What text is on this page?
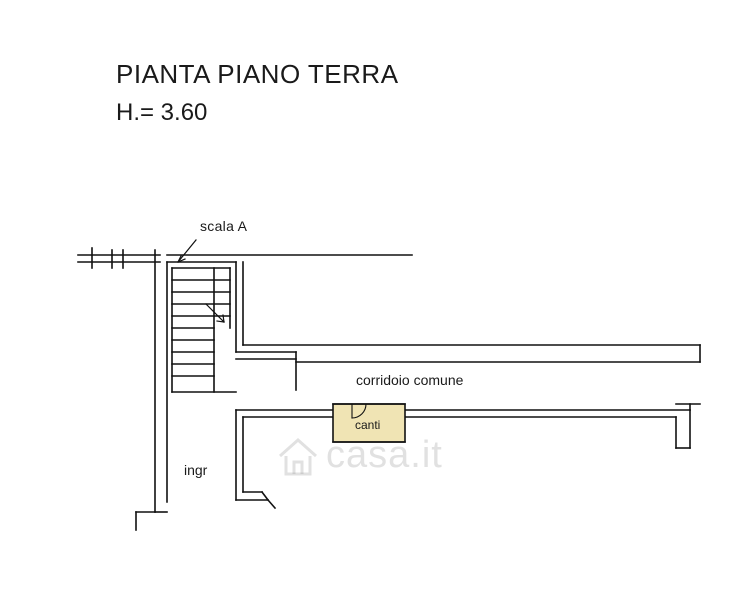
PIANTA PIANO TERRA
H.= 3.60
scala A
corridoio comune
canti
ingr	casa.it
